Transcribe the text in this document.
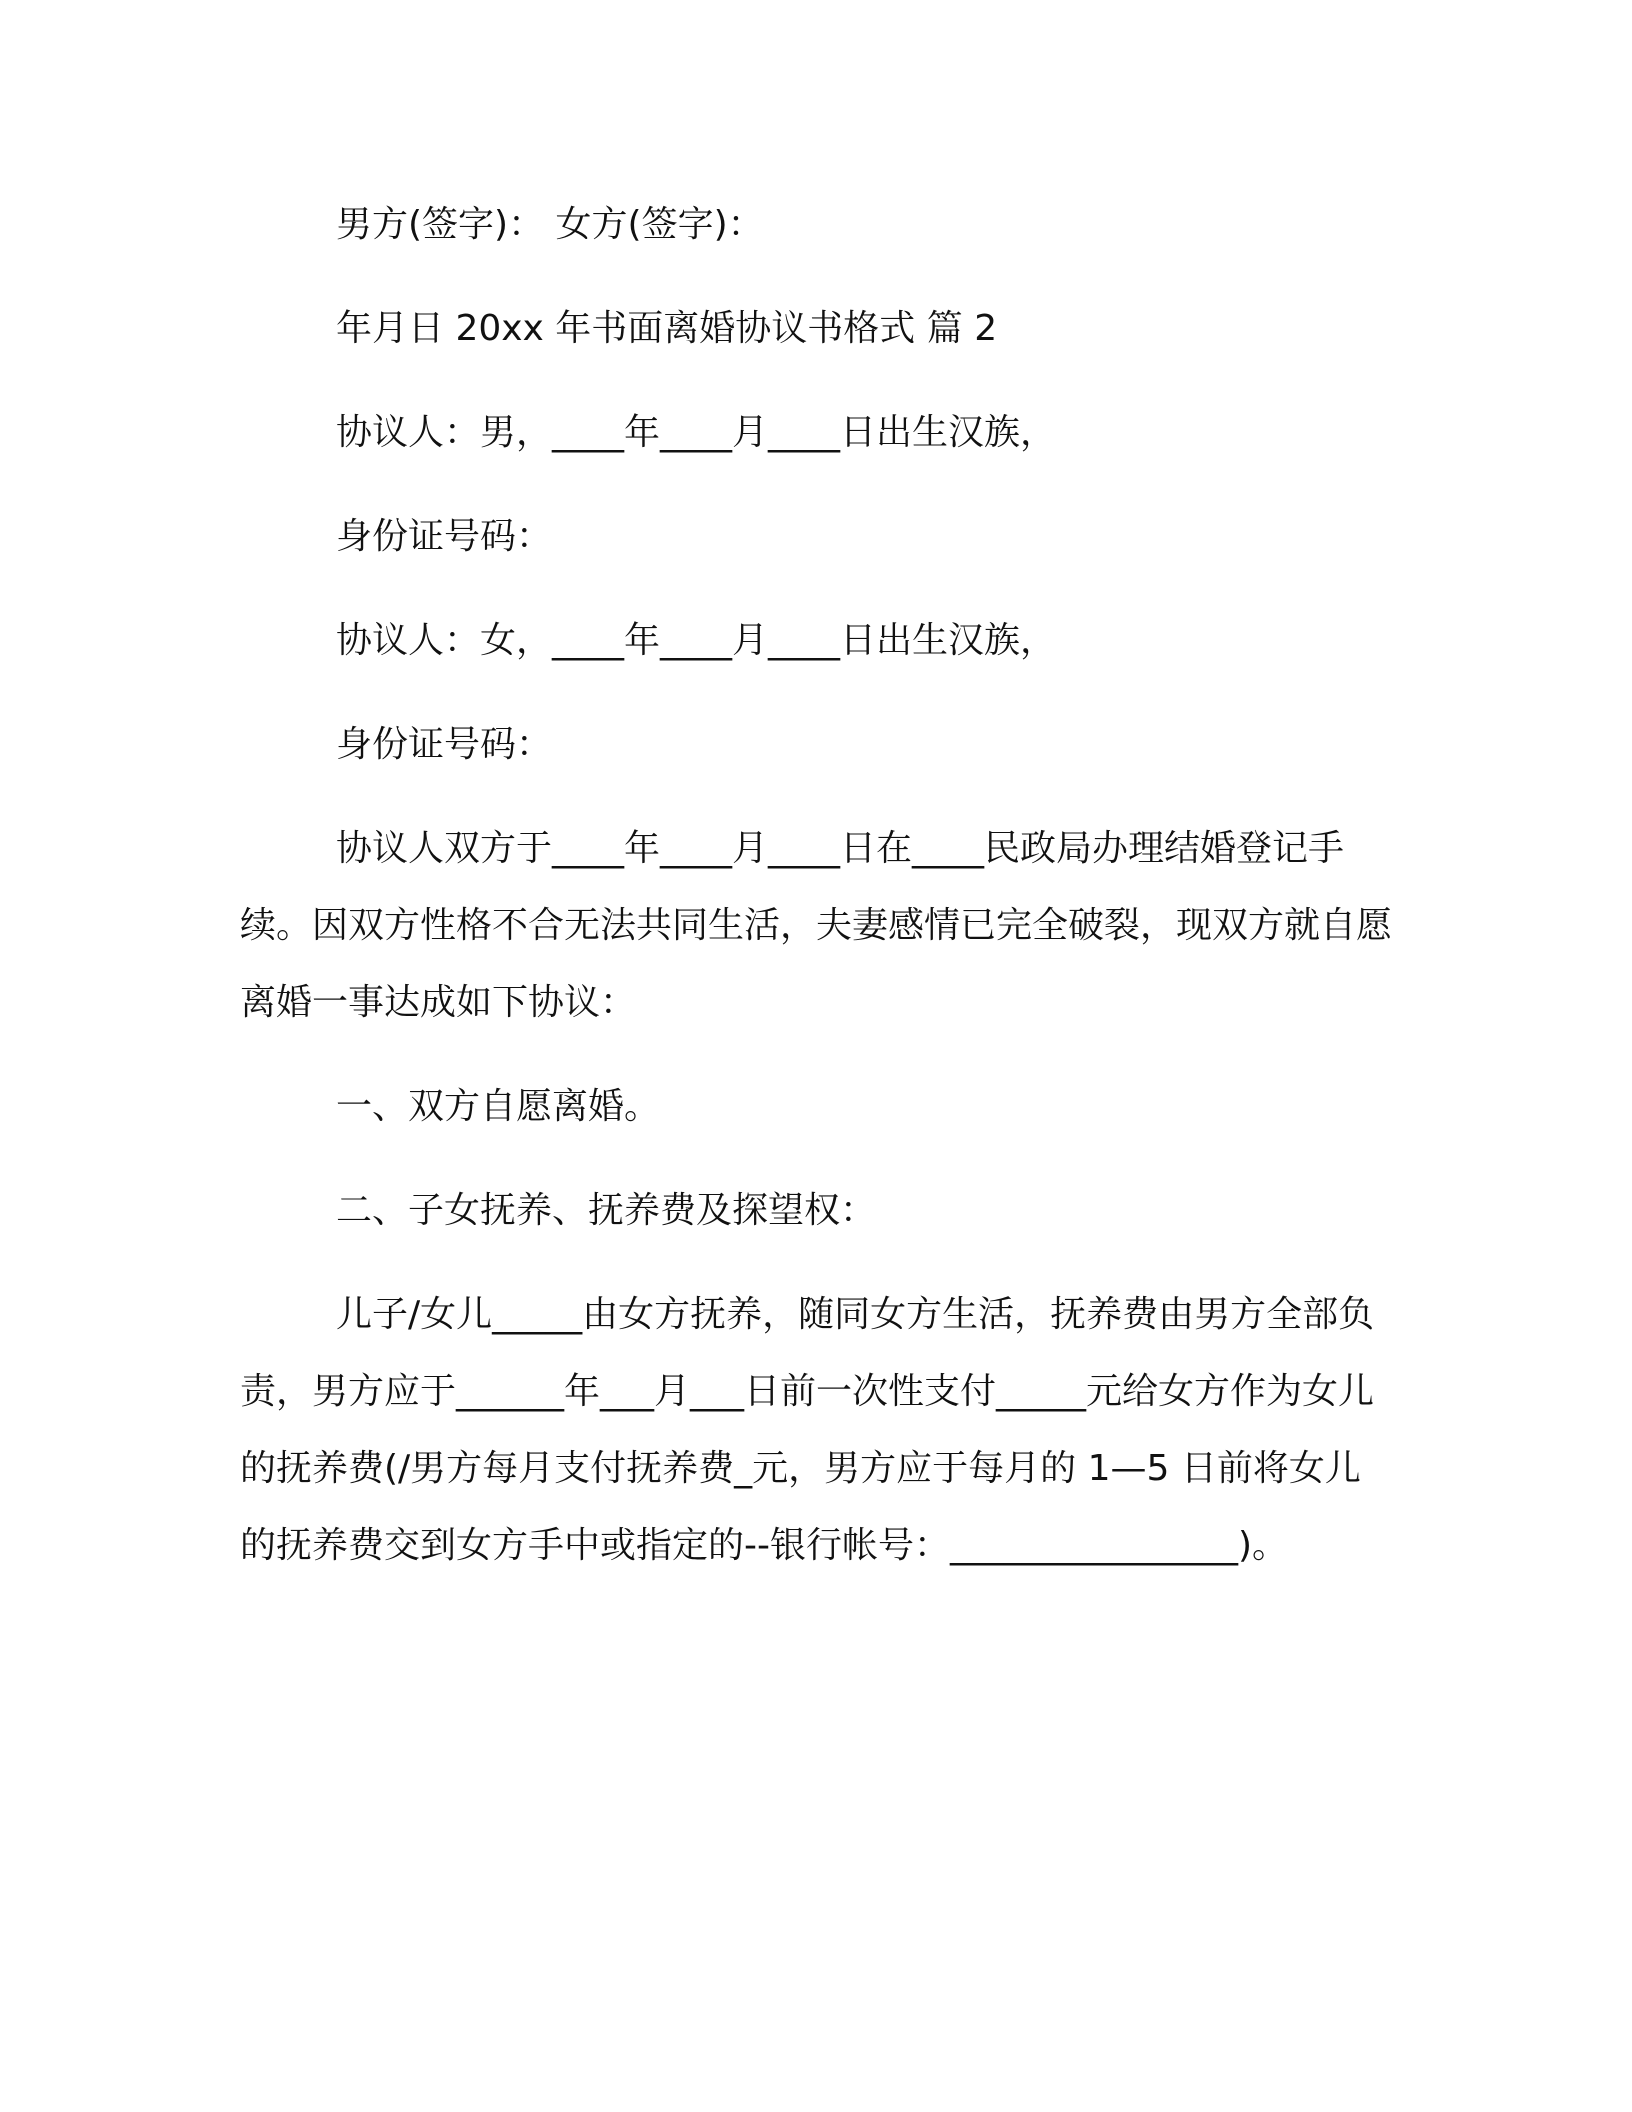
男方(签字)： 女方(签字)：

年月日 20xx 年书面离婚协议书格式 篇 2

协议人：男，____年____月____日出生汉族，

身份证号码：

协议人：女，____年____月____日出生汉族，

身份证号码：

协议人双方于____年____月____日在____民政局办理结婚登记手续。因双方性格不合无法共同生活，夫妻感情已完全破裂，现双方就自愿离婚一事达成如下协议：

一、双方自愿离婚。

二、子女抚养、抚养费及探望权：

儿子/女儿_____由女方抚养，随同女方生活，抚养费由男方全部负责，男方应于______年___月___日前一次性支付_____元给女方作为女儿的抚养费(/男方每月支付抚养费_元，男方应于每月的 1—5 日前将女儿的抚养费交到女方手中或指定的--银行帐号：________________)。
